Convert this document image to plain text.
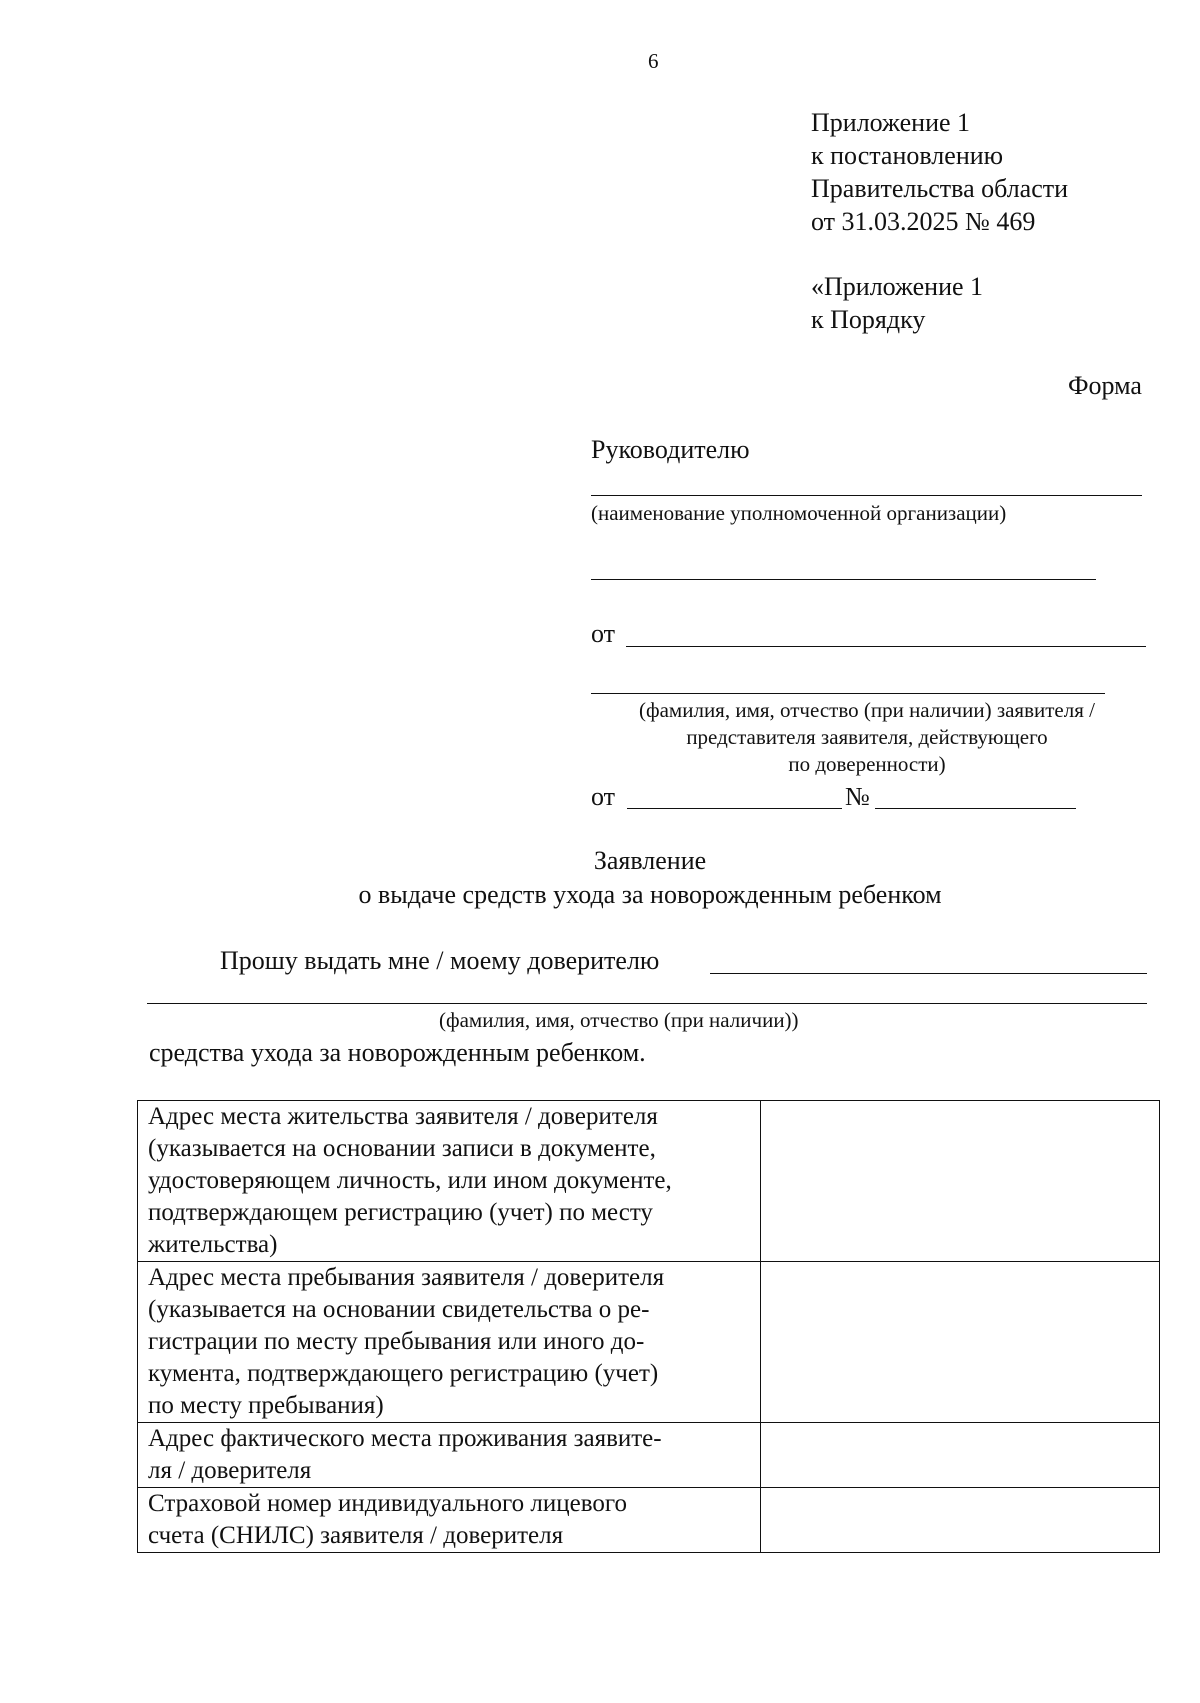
6
Приложение 1
к постановлению
Правительства области
от 31.03.2025 № 469
«Приложение 1
к Порядку
Форма
Руководителю
(наименование уполномоченной организации)
от
(фамилия, имя, отчество (при наличии) заявителя /
представителя заявителя, действующего
по доверенности)
от	№
Заявление
о выдаче средств ухода за новорожденным ребенком
Прошу выдать мне / моему доверителю
(фамилия, имя, отчество (при наличии))
средства ухода за новорожденным ребенком.
Адрес места жительства заявителя / доверителя
(указывается на основании записи в документе,
удостоверяющем личность, или ином документе,
подтверждающем регистрацию (учет) по месту
жительства)	

Адрес места пребывания заявителя / доверителя
(указывается на основании свидетельства о ре-
гистрации по месту пребывания или иного до-
кумента, подтверждающего регистрацию (учет)
по месту пребывания)	

Адрес фактического места проживания заявите-
ля / доверителя	

Страховой номер индивидуального лицевого
счета (СНИЛС) заявителя / доверителя	
